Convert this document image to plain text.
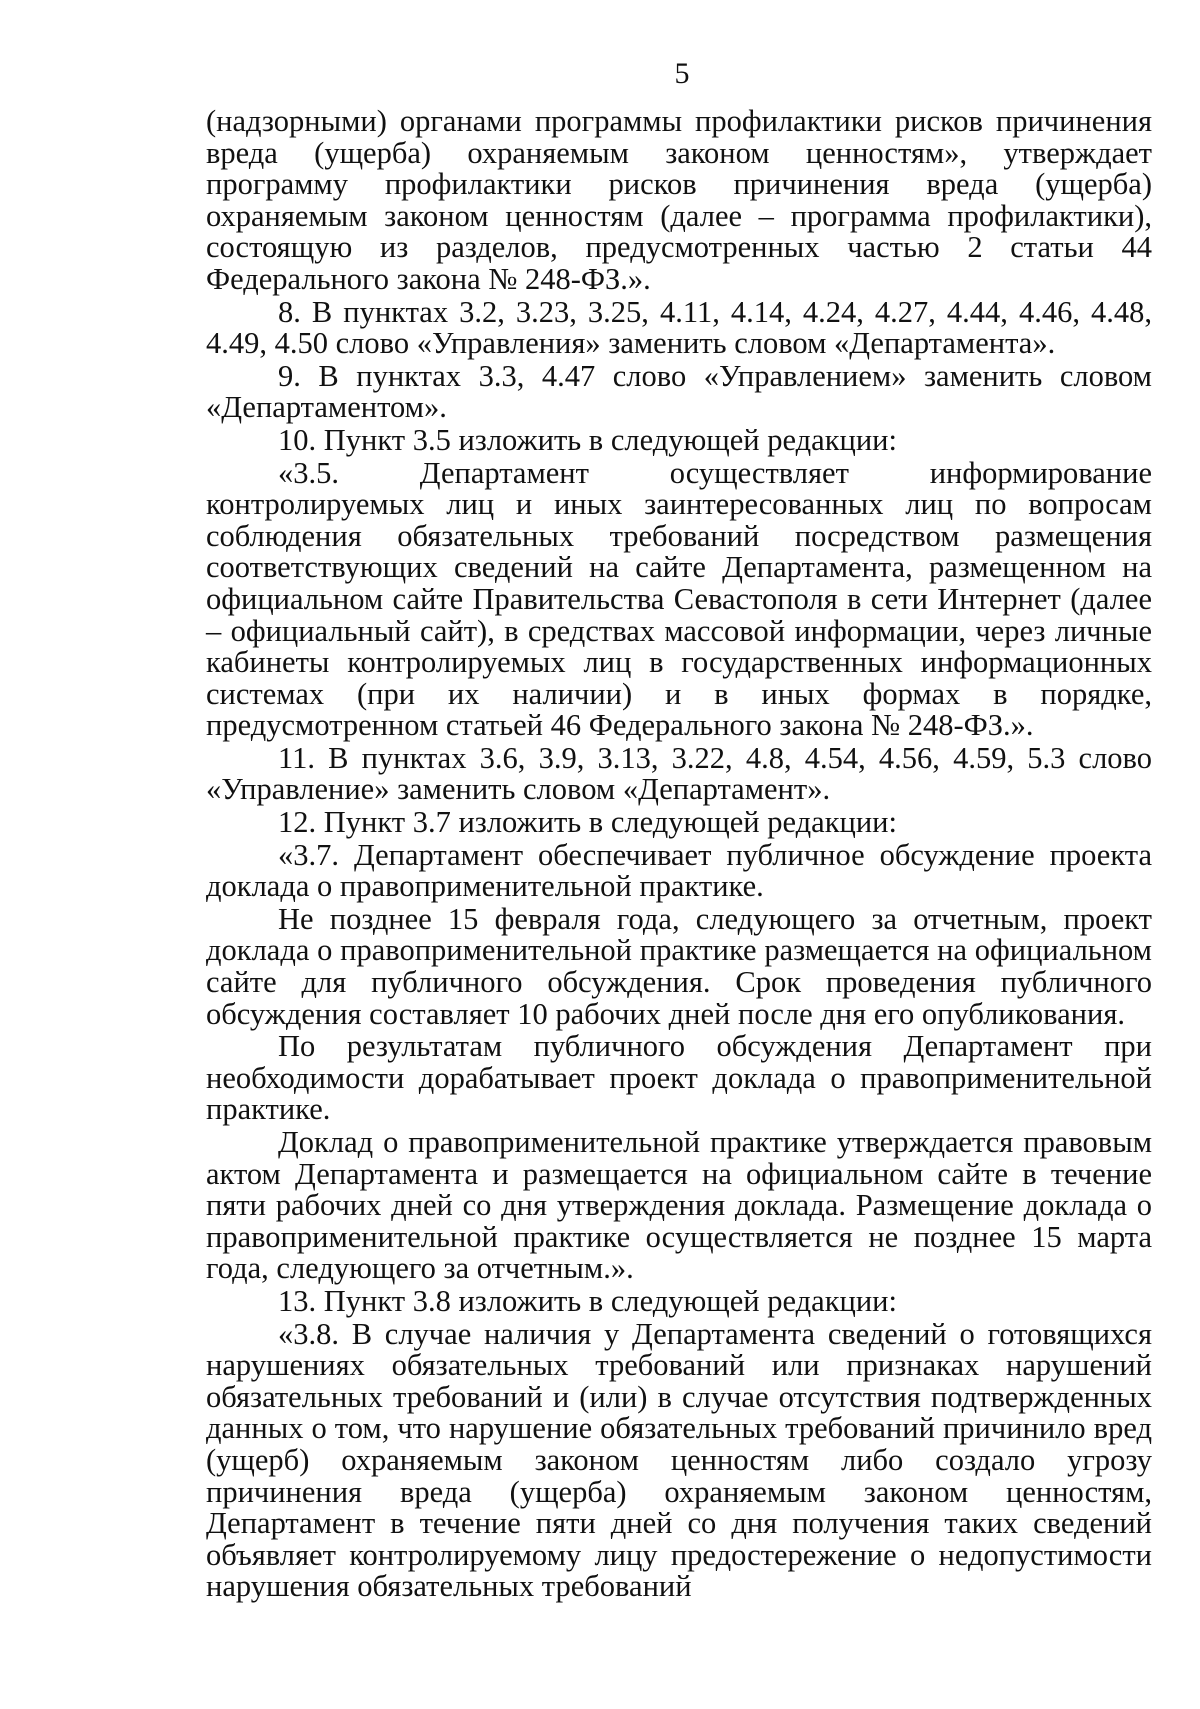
5

(надзорными) органами программы профилактики рисков причинения вреда (ущерба) охраняемым законом ценностям», утверждает программу профилактики рисков причинения вреда (ущерба) охраняемым законом ценностям (далее – программа профилактики), состоящую из разделов, предусмотренных частью 2 статьи 44 Федерального закона № 248-ФЗ.».

8. В пунктах 3.2, 3.23, 3.25, 4.11, 4.14, 4.24, 4.27, 4.44, 4.46, 4.48, 4.49, 4.50 слово «Управления» заменить словом «Департамента».

9. В пунктах 3.3, 4.47 слово «Управлением» заменить словом «Департаментом».

10. Пункт 3.5 изложить в следующей редакции:

«3.5. Департамент осуществляет информирование контролируемых лиц и иных заинтересованных лиц по вопросам соблюдения обязательных требований посредством размещения соответствующих сведений на сайте Департамента, размещенном на официальном сайте Правительства Севастополя в сети Интернет (далее – официальный сайт), в средствах массовой информации, через личные кабинеты контролируемых лиц в государственных информационных системах (при их наличии) и в иных формах в порядке, предусмотренном статьей 46 Федерального закона № 248-ФЗ.».

11. В пунктах 3.6, 3.9, 3.13, 3.22, 4.8, 4.54, 4.56, 4.59, 5.3 слово «Управление» заменить словом «Департамент».

12. Пункт 3.7 изложить в следующей редакции:

«3.7. Департамент обеспечивает публичное обсуждение проекта доклада о правоприменительной практике.

Не позднее 15 февраля года, следующего за отчетным, проект доклада о правоприменительной практике размещается на официальном сайте для публичного обсуждения. Срок проведения публичного обсуждения составляет 10 рабочих дней после дня его опубликования.

По результатам публичного обсуждения Департамент при необходимости дорабатывает проект доклада о правоприменительной практике.

Доклад о правоприменительной практике утверждается правовым актом Департамента и размещается на официальном сайте в течение пяти рабочих дней со дня утверждения доклада. Размещение доклада о правоприменительной практике осуществляется не позднее 15 марта года, следующего за отчетным.».

13. Пункт 3.8 изложить в следующей редакции:

«3.8. В случае наличия у Департамента сведений о готовящихся нарушениях обязательных требований или признаках нарушений обязательных требований и (или) в случае отсутствия подтвержденных данных о том, что нарушение обязательных требований причинило вред (ущерб) охраняемым законом ценностям либо создало угрозу причинения вреда (ущерба) охраняемым законом ценностям, Департамент в течение пяти дней со дня получения таких сведений объявляет контролируемому лицу предостережение о недопустимости нарушения обязательных требований
